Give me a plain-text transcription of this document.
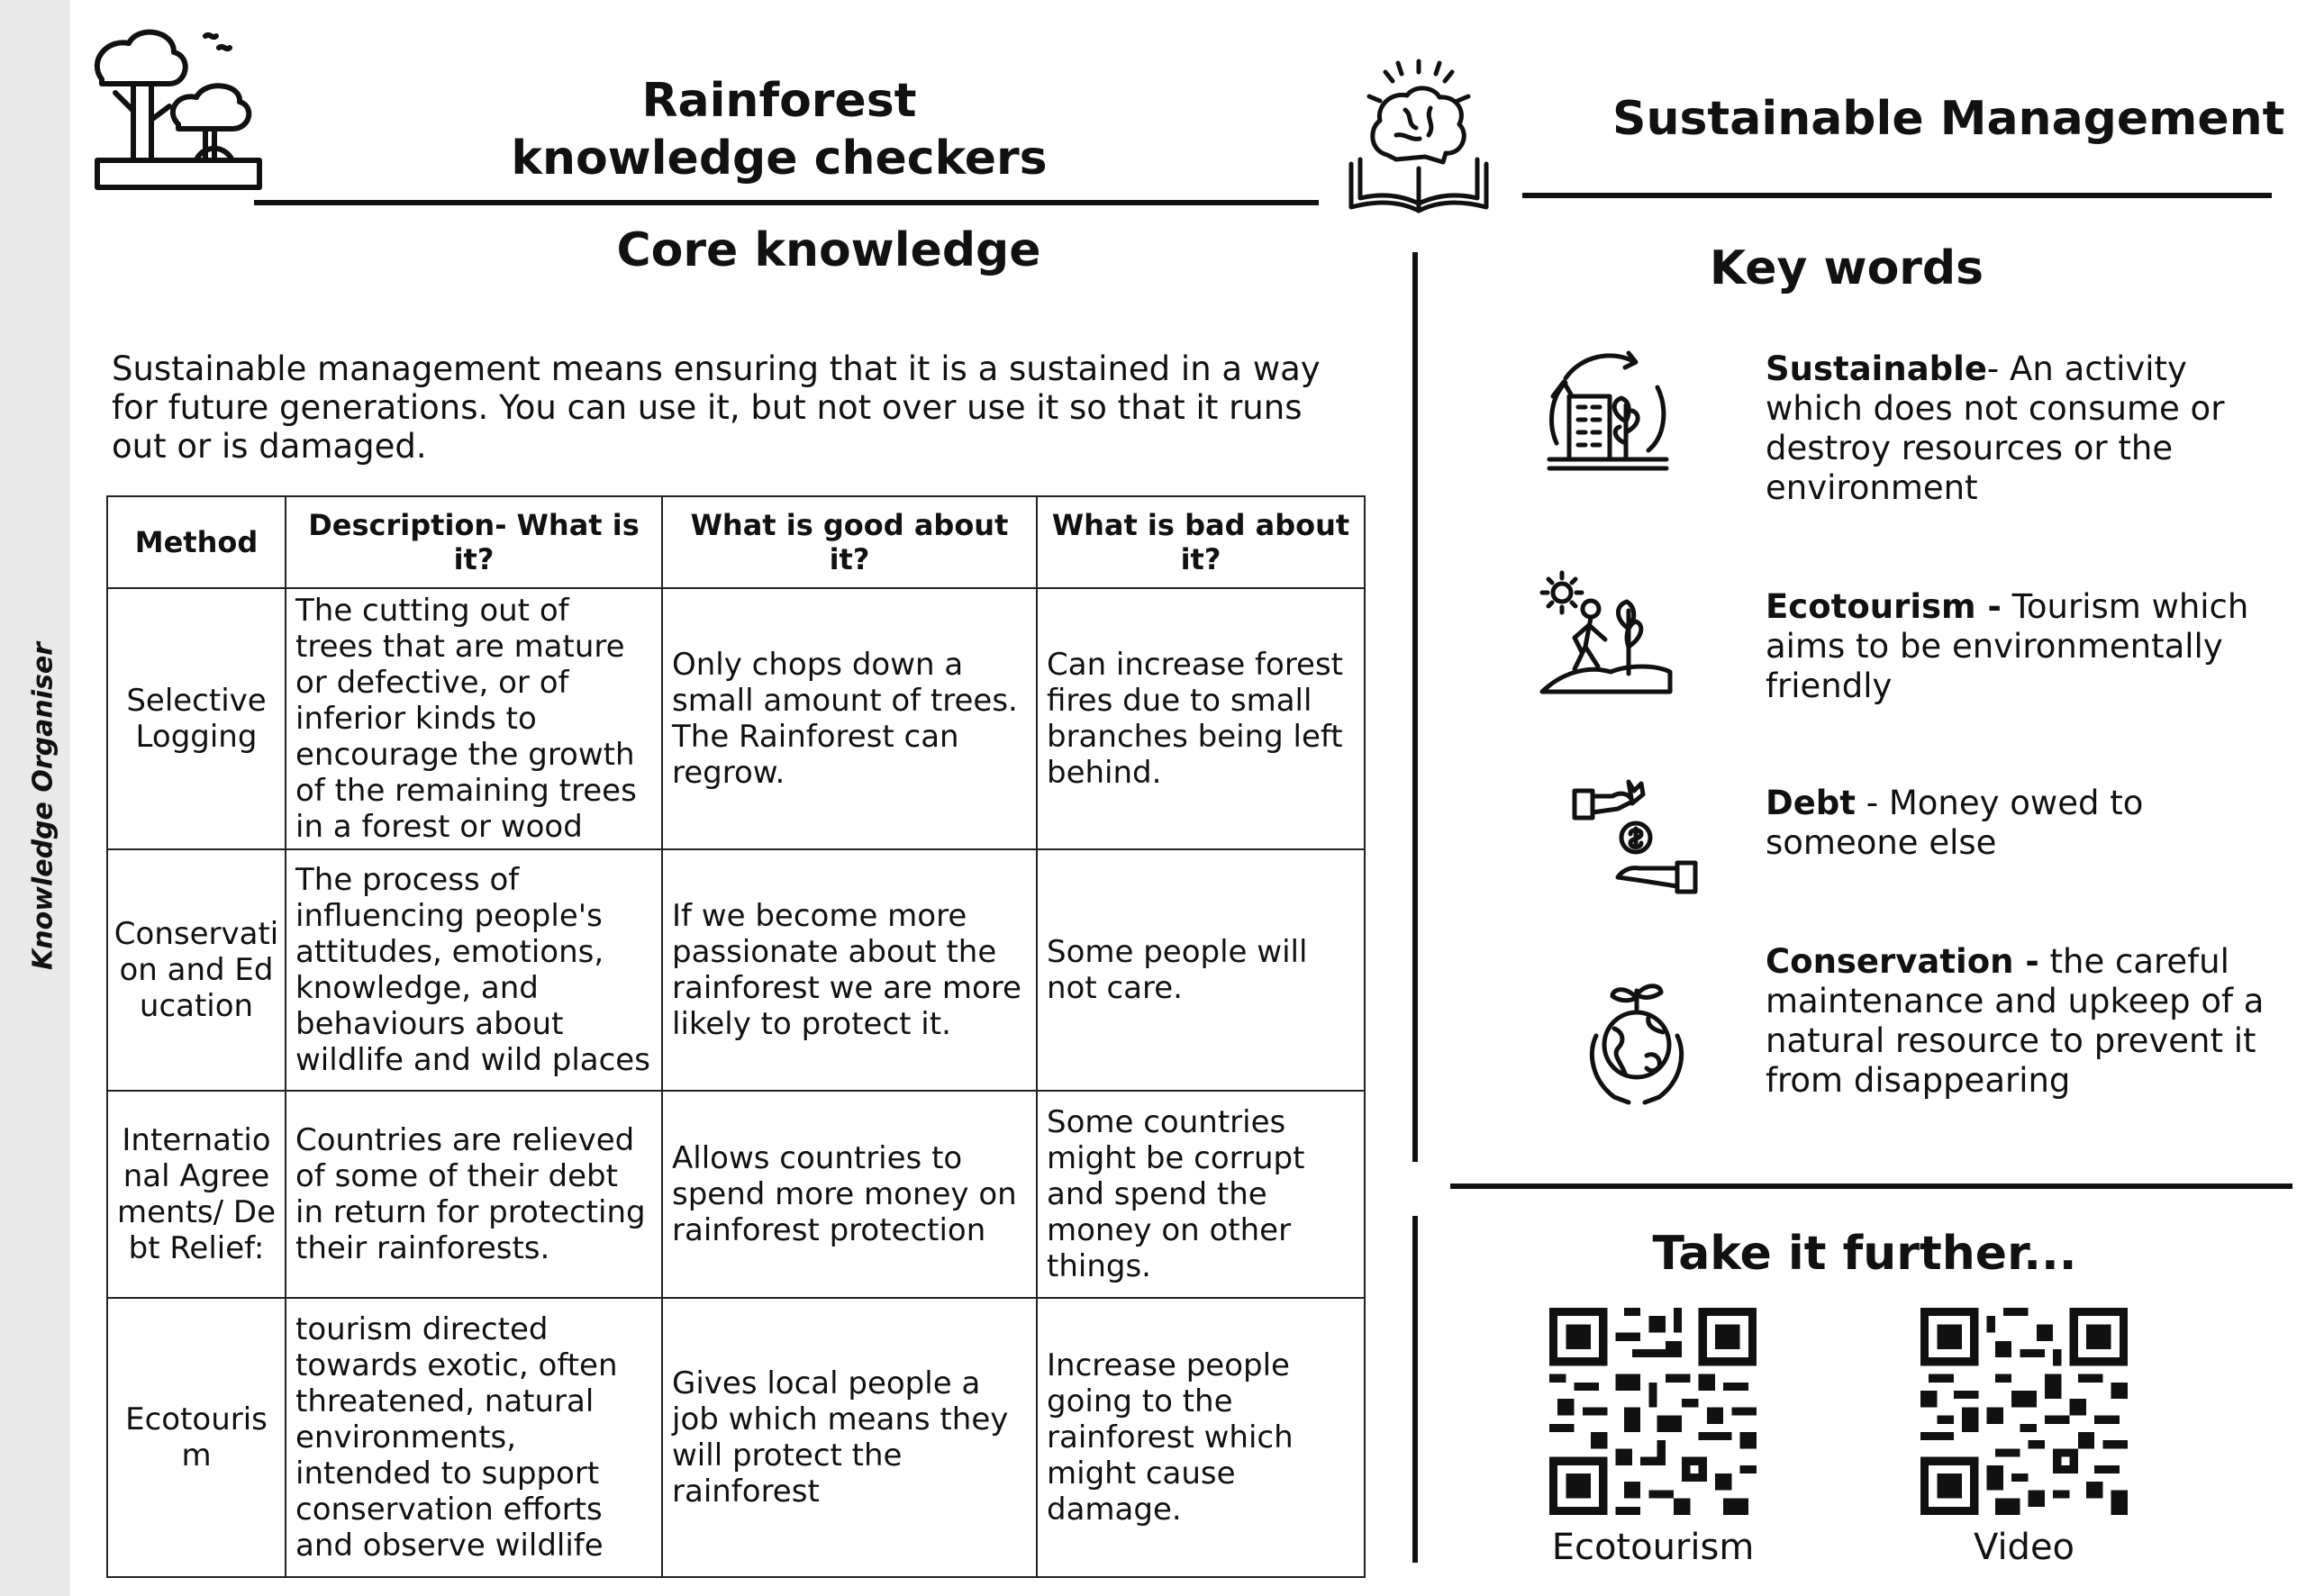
Knowledge Organiser
Rainforest
knowledge checkers
Sustainable Management
Core knowledge
Sustainable management means ensuring that it is a sustained in a way for future generations. You can use it, but not over use it so that it runs out or is damaged.
Method	Description- What is it?	What is good about it?	What is bad about it?
Selective Logging	The cutting out of trees that are mature or defective, or of inferior kinds to encourage the growth of the remaining trees in a forest or wood	Only chops down a small amount of trees. The Rainforest can regrow.	Can increase forest fires due to small branches being left behind.
Conservation and Education	The process of influencing people's attitudes, emotions, knowledge, and behaviours about wildlife and wild places	If we become more passionate about the rainforest we are more likely to protect it.	Some people will not care.
International Agreements/ Debt Relief:	Countries are relieved of some of their debt in return for protecting their rainforests.	Allows countries to spend more money on rainforest protection	Some countries might be corrupt and spend the money on other things.
Ecotourism	tourism directed towards exotic, often threatened, natural environments, intended to support conservation efforts and observe wildlife	Gives local people a job which means they will protect the rainforest	Increase people going to the rainforest which might cause damage.
Key words
Sustainable- An activity which does not consume or destroy resources or the environment
Ecotourism - Tourism which aims to be environmentally friendly
Debt - Money owed to someone else
Conservation - the careful maintenance and upkeep of a natural resource to prevent it from disappearing
Take it further...
Ecotourism	Video
